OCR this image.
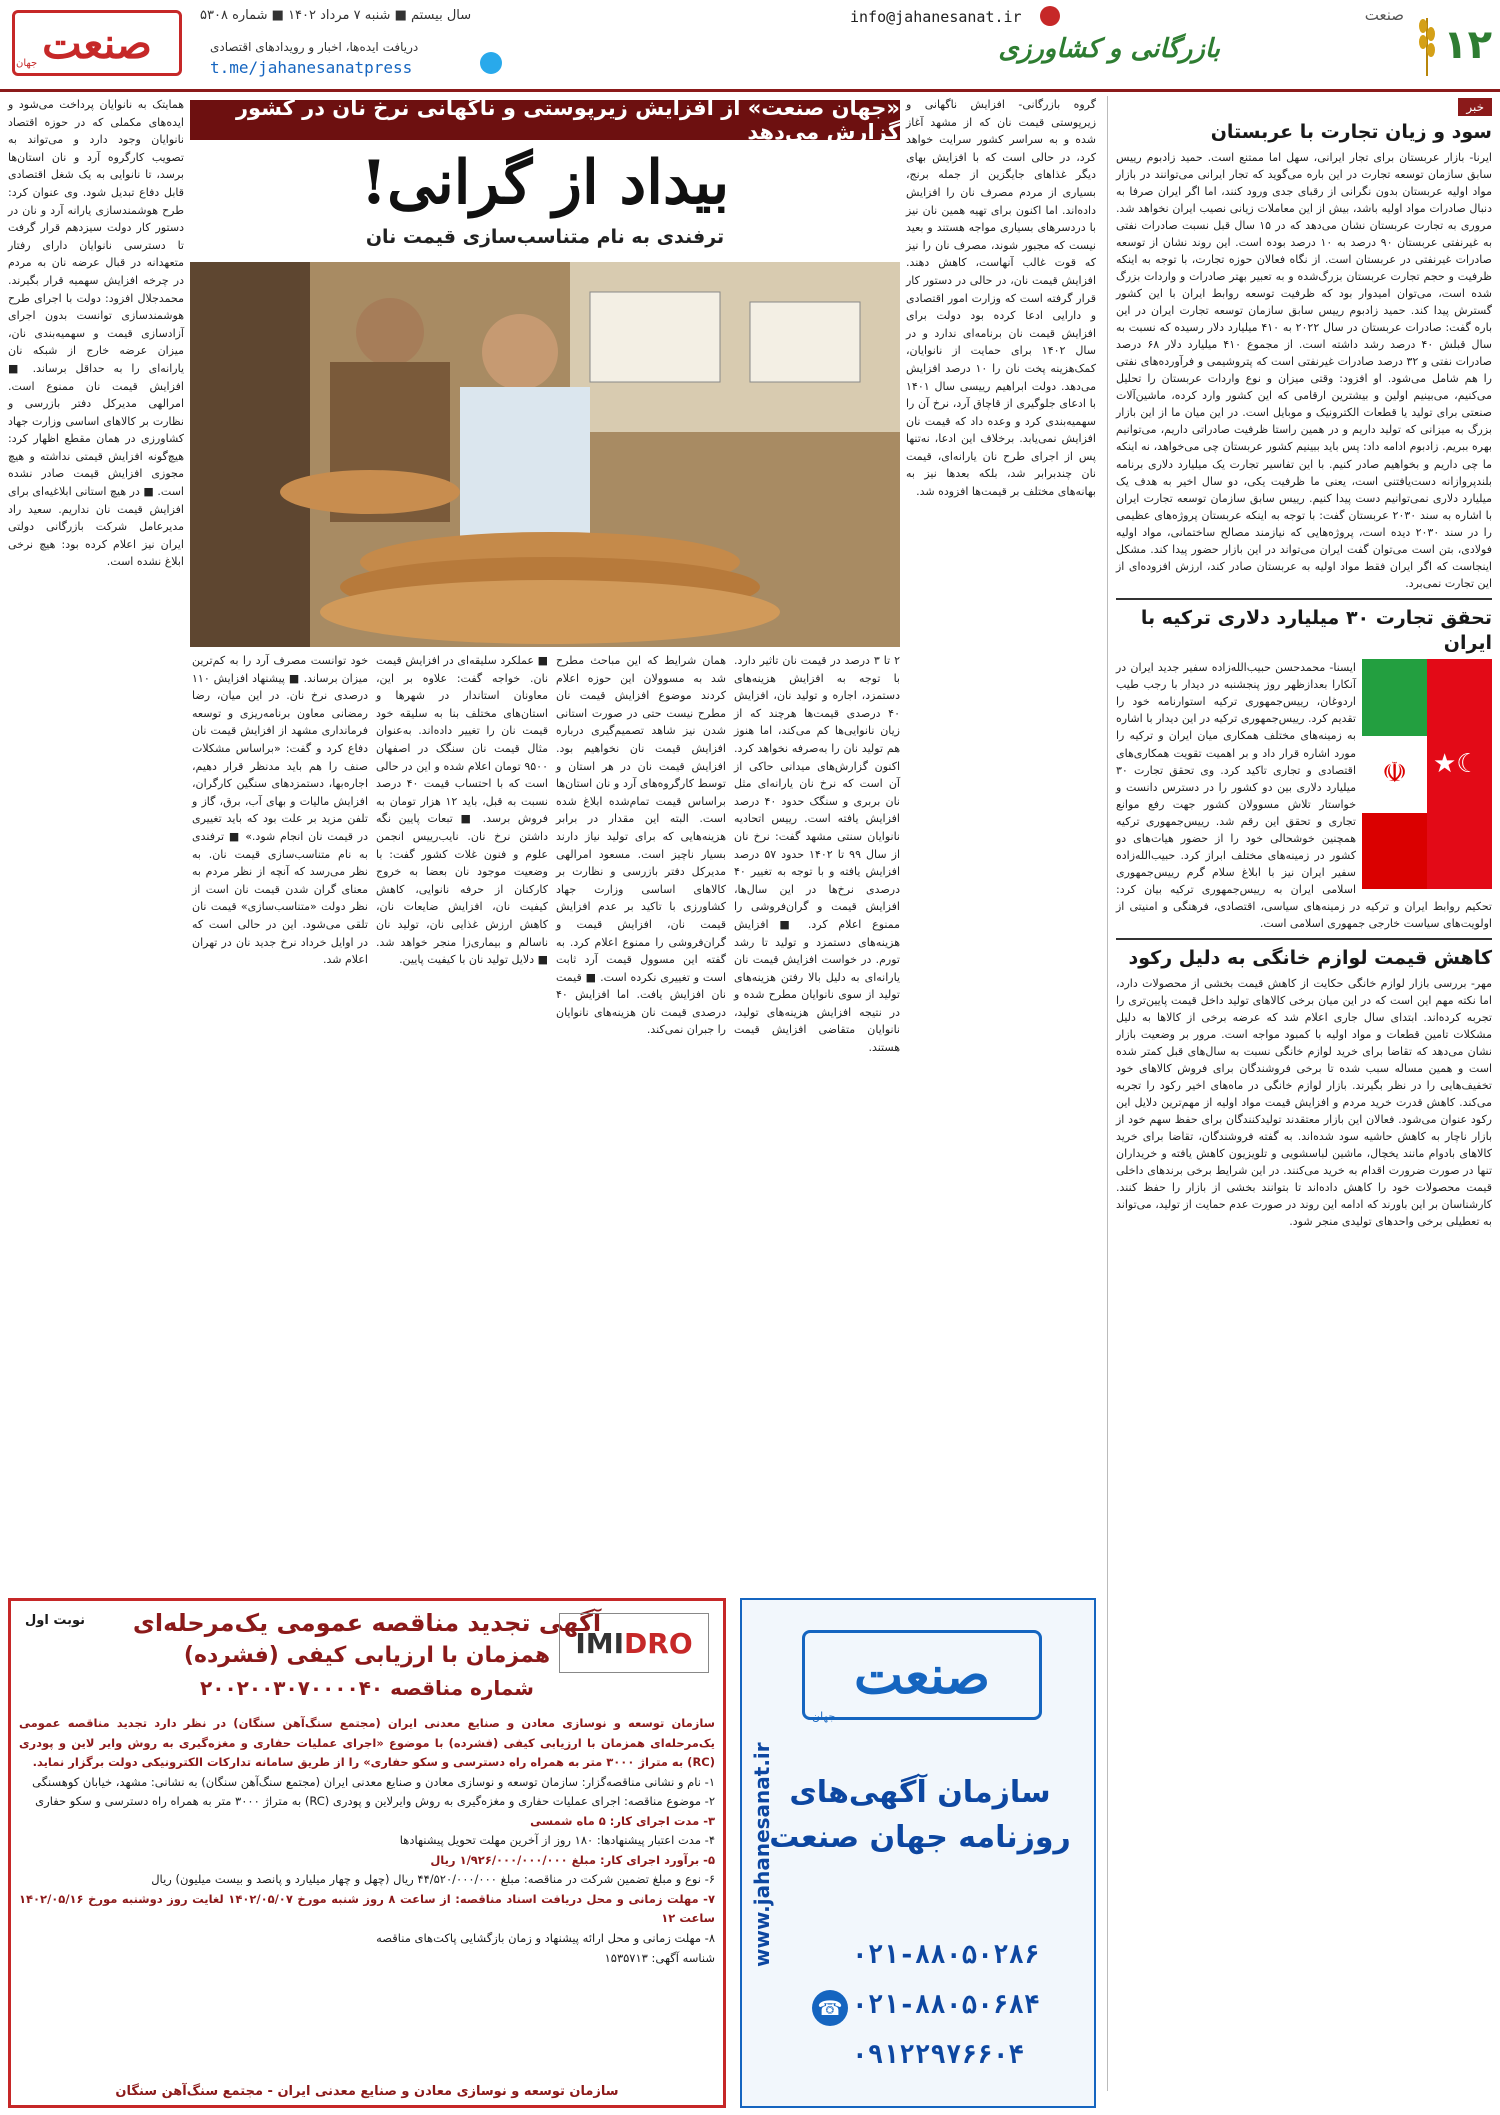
۱۲
صنعت
بازرگانی و کشاورزی
info@jahanesanat.ir
سال بیستم ■ شنبه ۷ مرداد ۱۴۰۲ ■ شماره ۵۳۰۸
دریافت ایده‌ها، اخبار و رویدادهای اقتصادی
t.me/jahanesanatpress
صنعت
جهان
خبر
سود و زیان تجارت با عربستان
ایرنا- بازار عربستان برای تجار ایرانی، سهل اما ممتنع است. حمید زادبوم رییس سابق سازمان توسعه تجارت در این باره می‌گوید که تجار ایرانی می‌توانند در بازار مواد اولیه عربستان بدون نگرانی از رقبای جدی ورود کنند، اما اگر ایران صرفا به دنبال صادرات مواد اولیه باشد، بیش از این معاملات زیانی نصیب ایران نخواهد شد. مروری به تجارت عربستان نشان می‌دهد که در ۱۵ سال قبل نسبت صادرات نفتی به غیرنفتی عربستان ۹۰ درصد به ۱۰ درصد بوده است. این روند نشان از توسعه صادرات غیرنفتی در عربستان است. از نگاه فعالان حوزه تجارت، با توجه به اینکه ظرفیت و حجم تجارت عربستان بزرگ‌شده و به تعبیر بهتر صادرات و واردات بزرگ شده است، می‌توان امیدوار بود که ظرفیت توسعه روابط ایران با این کشور گسترش پیدا کند. حمید زادبوم رییس سابق سازمان توسعه تجارت ایران در این باره گفت: صادرات عربستان در سال ۲۰۲۲ به ۴۱۰ میلیارد دلار رسیده که نسبت به سال قبلش ۴۰ درصد رشد داشته است. از مجموع ۴۱۰ میلیارد دلار ۶۸ درصد صادرات نفتی و ۳۲ درصد صادرات غیرنفتی است که پتروشیمی و فرآورده‌های نفتی را هم شامل می‌شود. او افزود: وقتی میزان و نوع واردات عربستان را تحلیل می‌کنیم، می‌بینیم اولین و بیشترین ارقامی که این کشور وارد کرده، ماشین‌آلات صنعتی برای تولید یا قطعات الکترونیک و موبایل است. در این میان ما از این بازار بزرگ به میزانی که تولید داریم و در همین راستا ظرفیت صادراتی داریم، می‌توانیم بهره ببریم. زادبوم ادامه داد: پس باید ببینیم کشور عربستان چی می‌خواهد، نه اینکه ما چی داریم و بخواهیم صادر کنیم. با این تفاسیر تجارت یک میلیارد دلاری برنامه بلندپروازانه دست‌یافتنی است، یعنی ما ظرفیت یکی، دو سال اخیر به هدف یک میلیارد دلاری نمی‌توانیم دست پیدا کنیم. رییس سابق سازمان توسعه تجارت ایران با اشاره به سند ۲۰۳۰ عربستان گفت: با توجه به اینکه عربستان پروژه‌های عظیمی را در سند ۲۰۳۰ دیده است، پروژه‌هایی که نیازمند مصالح ساختمانی، مواد اولیه فولادی، بتن است می‌توان گفت ایران می‌تواند در این بازار حضور پیدا کند. مشکل اینجاست که اگر ایران فقط مواد اولیه به عربستان صادر کند، ارزش افزوده‌ای از این تجارت نمی‌برد.
تحقق تجارت ۳۰ میلیارد دلاری ترکیه با ایران
☾★
☫
ایسنا- محمدحسن حبیب‌الله‌زاده سفیر جدید ایران در آنکارا بعدازظهر روز پنجشنبه در دیدار با رجب طیب اردوغان، رییس‌جمهوری ترکیه استوارنامه خود را تقدیم کرد. رییس‌جمهوری ترکیه در این دیدار با اشاره به زمینه‌های مختلف همکاری میان ایران و ترکیه را مورد اشاره قرار داد و بر اهمیت تقویت همکاری‌های اقتصادی و تجاری تاکید کرد. وی تحقق تجارت ۳۰ میلیارد دلاری بین دو کشور را در دسترس دانست و خواستار تلاش مسوولان کشور جهت رفع موانع تجاری و تحقق این رقم شد. رییس‌جمهوری ترکیه همچنین خوشحالی خود را از حضور هیات‌های دو کشور در زمینه‌های مختلف ابراز کرد. حبیب‌الله‌زاده سفیر ایران نیز با ابلاغ سلام گرم رییس‌جمهوری اسلامی ایران به رییس‌جمهوری ترکیه بیان کرد: تحکیم روابط ایران و ترکیه در زمینه‌های سیاسی، اقتصادی، فرهنگی و امنیتی از اولویت‌های سیاست خارجی جمهوری اسلامی است.
کاهش قیمت لوازم خانگی به دلیل رکود
مهر- بررسی بازار لوازم خانگی حکایت از کاهش قیمت بخشی از محصولات دارد، اما نکته مهم این است که در این میان برخی کالاهای تولید داخل قیمت پایین‌تری را تجربه کرده‌اند. ابتدای سال جاری اعلام شد که عرضه برخی از کالاها به دلیل مشکلات تامین قطعات و مواد اولیه با کمبود مواجه است. مرور بر وضعیت بازار نشان می‌دهد که تقاضا برای خرید لوازم خانگی نسبت به سال‌های قبل کمتر شده است و همین مساله سبب شده تا برخی فروشندگان برای فروش کالاهای خود تخفیف‌هایی را در نظر بگیرند. بازار لوازم خانگی در ماه‌های اخیر رکود را تجربه می‌کند. کاهش قدرت خرید مردم و افزایش قیمت مواد اولیه از مهم‌ترین دلایل این رکود عنوان می‌شود. فعالان این بازار معتقدند تولیدکنندگان برای حفظ سهم خود از بازار ناچار به کاهش حاشیه سود شده‌اند. به گفته فروشندگان، تقاضا برای خرید کالاهای بادوام مانند یخچال، ماشین لباسشویی و تلویزیون کاهش یافته و خریداران تنها در صورت ضرورت اقدام به خرید می‌کنند. در این شرایط برخی برندهای داخلی قیمت محصولات خود را کاهش داده‌اند تا بتوانند بخشی از بازار را حفظ کنند. کارشناسان بر این باورند که ادامه این روند در صورت عدم حمایت از تولید، می‌تواند به تعطیلی برخی واحدهای تولیدی منجر شود.
«جهان صنعت» از افزایش زیرپوستی و ناگهانی نرخ نان در کشور گزارش می‌دهد
بیداد از گرانی!
ترفندی به نام متناسب‌سازی قیمت نان
گروه بازرگانی- افزایش ناگهانی و زیرپوستی قیمت نان که از مشهد آغاز شده و به سراسر کشور سرایت خواهد کرد، در حالی است که با افزایش بهای دیگر غذاهای جایگزین از جمله برنج، بسیاری از مردم مصرف نان را افزایش داده‌اند. اما اکنون برای تهیه همین نان نیز با دردسرهای بسیاری مواجه هستند و بعید نیست که مجبور شوند، مصرف نان را نیز که قوت غالب آنهاست، کاهش دهند. افزایش قیمت نان، در حالی در دستور کار قرار گرفته است که وزارت امور اقتصادی و دارایی ادعا کرده بود دولت برای افزایش قیمت نان برنامه‌ای ندارد و در سال ۱۴۰۲ برای حمایت از نانوایان، کمک‌هزینه پخت نان را ۱۰ درصد افزایش می‌دهد. دولت ابراهیم رییسی سال ۱۴۰۱ با ادعای جلوگیری از قاچاق آرد، نرخ آن را سهمیه‌بندی کرد و وعده داد که قیمت نان افزایش نمی‌یابد. برخلاف این ادعا، نه‌تنها پس از اجرای طرح نان یارانه‌ای، قیمت نان چندبرابر شد، بلکه بعدها نیز به بهانه‌های مختلف بر قیمت‌ها افزوده شد.
۲ تا ۳ درصد در قیمت نان تاثیر دارد. با توجه به افزایش هزینه‌های دستمزد، اجاره و تولید نان، افزایش ۴۰ درصدی قیمت‌ها هرچند که از زیان نانوایی‌ها کم می‌کند، اما هنوز هم تولید نان را به‌صرفه نخواهد کرد. اکنون گزارش‌های میدانی حاکی از آن است که نرخ نان یارانه‌ای مثل نان بربری و سنگک حدود ۴۰ درصد افزایش یافته است. رییس اتحادیه نانوایان سنتی مشهد گفت: نرخ نان از سال ۹۹ تا ۱۴۰۲ حدود ۵۷ درصد افزایش یافته و با توجه به تغییر ۴۰ درصدی نرخ‌ها در این سال‌ها، افزایش قیمت و گران‌فروشی را ممنوع اعلام کرد. ■ افزایش هزینه‌های دستمزد و تولید تا رشد تورم. در خواست افزایش قیمت نان یارانه‌ای به دلیل بالا رفتن هزینه‌های تولید از سوی نانوایان مطرح شده و در نتیجه افزایش هزینه‌های تولید، نانوایان متقاضی افزایش قیمت هستند.
همان شرایط که این مباحث مطرح شد به مسوولان این حوزه اعلام کردند موضوع افزایش قیمت نان مطرح نیست حتی در صورت استانی شدن نیز شاهد تصمیم‌گیری درباره افزایش قیمت نان نخواهیم بود. افزایش قیمت نان در هر استان و توسط کارگروه‌های آرد و نان استان‌ها براساس قیمت تمام‌شده ابلاغ شده است. البته این مقدار در برابر هزینه‌هایی که برای تولید نیاز دارند بسیار ناچیز است. مسعود امرالهی مدیرکل دفتر بازرسی و نظارت بر کالاهای اساسی وزارت جهاد کشاورزی با تاکید بر عدم افزایش قیمت نان، افزایش قیمت و گران‌فروشی را ممنوع اعلام کرد. به گفته این مسوول قیمت آرد ثابت است و تغییری نکرده است. ■ قیمت نان افزایش یافت. اما افزایش ۴۰ درصدی قیمت نان هزینه‌های نانوایان را جبران نمی‌کند.
■ عملکرد سلیقه‌ای در افزایش قیمت نان. خواجه گفت: علاوه بر این، معاونان استاندار در شهرها و استان‌های مختلف بنا به سلیقه خود قیمت نان را تغییر داده‌اند. به‌عنوان مثال قیمت نان سنگک در اصفهان ۹۵۰۰ تومان اعلام شده و این در حالی است که با احتساب قیمت ۴۰ درصد نسبت به قبل، باید ۱۲ هزار تومان به فروش برسد. ■ تبعات پایین نگه داشتن نرخ نان. نایب‌رییس انجمن علوم و فنون غلات کشور گفت: با وضعیت موجود نان بعضا به خروج کارکنان از حرفه نانوایی، کاهش کیفیت نان، افزایش ضایعات نان، کاهش ارزش غذایی نان، تولید نان ناسالم و بیماری‌زا منجر خواهد شد. ■ دلایل تولید نان با کیفیت پایین.
خود توانست مصرف آرد را به کم‌ترین میزان برساند. ■ پیشنهاد افزایش ۱۱۰ درصدی نرخ نان. در این میان، رضا رمضانی معاون برنامه‌ریزی و توسعه فرمانداری مشهد از افزایش قیمت نان دفاع کرد و گفت: «براساس مشکلات صنف را هم باید مدنظر قرار دهیم، اجاره‌بها، دستمزدهای سنگین کارگران، افزایش مالیات و بهای آب، برق، گاز و تلفن مزید بر علت بود که باید تغییری در قیمت نان انجام شود.» ■ ترفندی به نام متناسب‌سازی قیمت نان. به نظر می‌رسد که آنچه از نظر مردم به معنای گران شدن قیمت نان است از نظر دولت «متناسب‌سازی» قیمت نان تلقی می‌شود. این در حالی است که در اوایل خرداد نرخ جدید نان در تهران اعلام شد.
همایتک به نانوایان پرداخت می‌شود و ایده‌های مکملی که در حوزه اقتصاد نانوایان وجود دارد و می‌تواند به تصویب کارگروه آرد و نان استان‌ها برسد، تا نانوایی به یک شغل اقتصادی قابل دفاع تبدیل شود. وی عنوان کرد: طرح هوشمندسازی یارانه آرد و نان در دستور کار دولت سیزدهم قرار گرفت تا دسترسی نانوایان دارای رفتار متعهدانه در قبال عرضه نان به مردم در چرخه افزایش سهمیه قرار بگیرند. محمدجلال افزود: دولت با اجرای طرح هوشمندسازی توانست بدون اجرای آزادسازی قیمت و سهمیه‌بندی نان، میزان عرضه خارج از شبکه نان یارانه‌ای را به حداقل برساند. ■ افزایش قیمت نان ممنوع است. امرالهی مدیرکل دفتر بازرسی و نظارت بر کالاهای اساسی وزارت جهاد کشاورزی در همان مقطع اظهار کرد: هیچ‌گونه افزایش قیمتی نداشته و هیچ مجوزی افزایش قیمت صادر نشده است. ■ در هیچ استانی ابلاغیه‌ای برای افزایش قیمت نان نداریم. سعید راد مدیرعامل شرکت بازرگانی دولتی ایران نیز اعلام کرده بود: هیچ نرخی ابلاغ نشده است.
نوبت اول
IMI DRO
آگهی تجدید مناقصه عمومی یک‌مرحله‌ای
همزمان با ارزیابی کیفی (فشرده)
شماره مناقصه ۲۰۰۲۰۰۳۰۷۰۰۰۰۴۰

سازمان توسعه و نوسازی معادن و صنایع معدنی ایران (مجتمع سنگ‌آهن سنگان) در نظر دارد تجدید مناقصه عمومی یک‌مرحله‌ای همزمان با ارزیابی کیفی (فشرده) با موضوع «اجرای عملیات حفاری و مغزه‌گیری به روش وایر لاین و پودری (RC) به متراژ ۳۰۰۰ متر به همراه راه دسترسی و سکو حفاری» را از طریق سامانه تدارکات الکترونیکی دولت برگزار نماید.

۱- نام و نشانی مناقصه‌گزار: سازمان توسعه و نوسازی معادن و صنایع معدنی ایران (مجتمع سنگ‌آهن سنگان) به نشانی: مشهد، خیابان کوهسنگی

۲- موضوع مناقصه: اجرای عملیات حفاری و مغزه‌گیری به روش وایرلاین و پودری (RC) به متراژ ۳۰۰۰ متر به همراه راه دسترسی و سکو حفاری

۳- مدت اجرای کار: ۵ ماه شمسی

۴- مدت اعتبار پیشنهادها: ۱۸۰ روز از آخرین مهلت تحویل پیشنهادها

۵- برآورد اجرای کار: مبلغ ۱/۹۲۶/۰۰۰/۰۰۰/۰۰۰ ریال

۶- نوع و مبلغ تضمین شرکت در مناقصه: مبلغ ۴۴/۵۲۰/۰۰۰/۰۰۰ ریال (چهل و چهار میلیارد و پانصد و بیست میلیون) ریال

۷- مهلت زمانی و محل دریافت اسناد مناقصه: از ساعت ۸ روز شنبه مورخ ۱۴۰۲/۰۵/۰۷ لغایت روز دوشنبه مورخ ۱۴۰۲/۰۵/۱۶ ساعت ۱۲

۸- مهلت زمانی و محل ارائه پیشنهاد و زمان بازگشایی پاکت‌های مناقصه

شناسه آگهی: ۱۵۳۵۷۱۳

سازمان توسعه و نوسازی معادن و صنایع معدنی ایران - مجتمع سنگ‌آهن سنگان
www.jahanesanat.ir
صنعت
جهان
سازمان آگهی‌های
روزنامه جهان صنعت
☎
۰۲۱-۸۸۰۵۰۲۸۶
۰۲۱-۸۸۰۵۰۶۸۴
۰۹۱۲۲۹۷۶۶۰۴
